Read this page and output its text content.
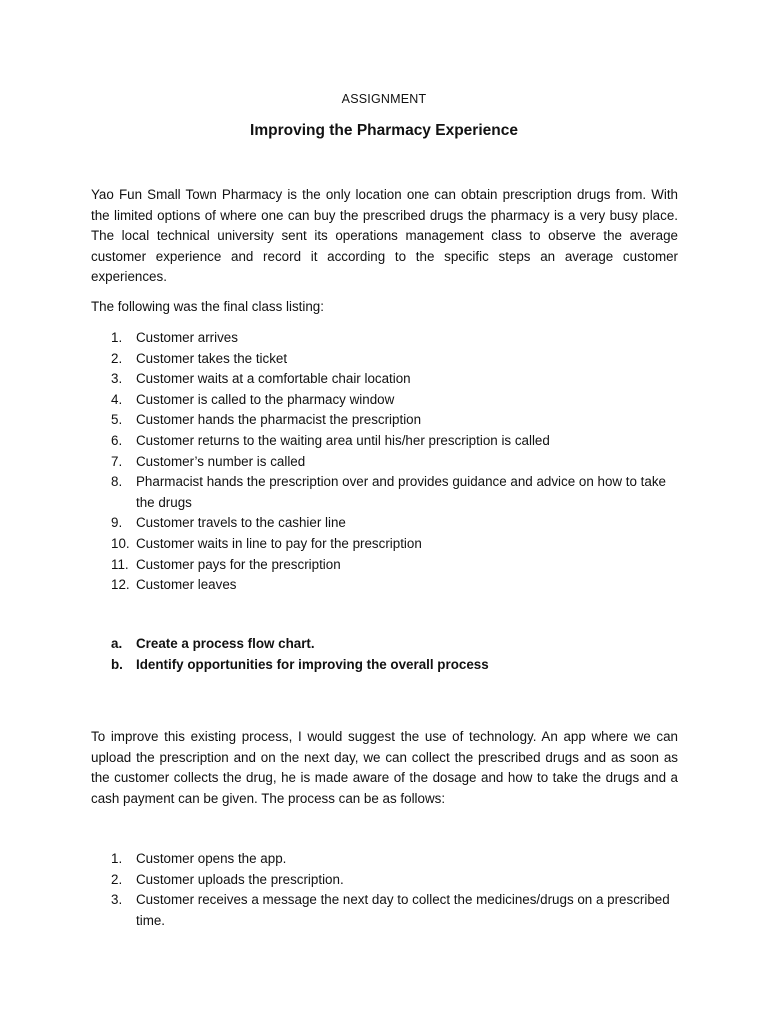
ASSIGNMENT
Improving the Pharmacy Experience

Yao Fun Small Town Pharmacy is the only location one can obtain prescription drugs from. With the limited options of where one can buy the prescribed drugs the pharmacy is a very busy place. The local technical university sent its operations management class to observe the average customer experience and record it according to the specific steps an average customer experiences.

The following was the final class listing:

1. Customer arrives
2. Customer takes the ticket
3. Customer waits at a comfortable chair location
4. Customer is called to the pharmacy window
5. Customer hands the pharmacist the prescription
6. Customer returns to the waiting area until his/her prescription is called
7. Customer’s number is called
8. Pharmacist hands the prescription over and provides guidance and advice on how to take the drugs
9. Customer travels to the cashier line
10. Customer waits in line to pay for the prescription
11. Customer pays for the prescription
12. Customer leaves
a. Create a process flow chart.
b. Identify opportunities for improving the overall process

To improve this existing process, I would suggest the use of technology. An app where we can upload the prescription and on the next day, we can collect the prescribed drugs and as soon as the customer collects the drug, he is made aware of the dosage and how to take the drugs and a cash payment can be given. The process can be as follows:

1. Customer opens the app.
2. Customer uploads the prescription.
3. Customer receives a message the next day to collect the medicines/drugs on a prescribed time.
